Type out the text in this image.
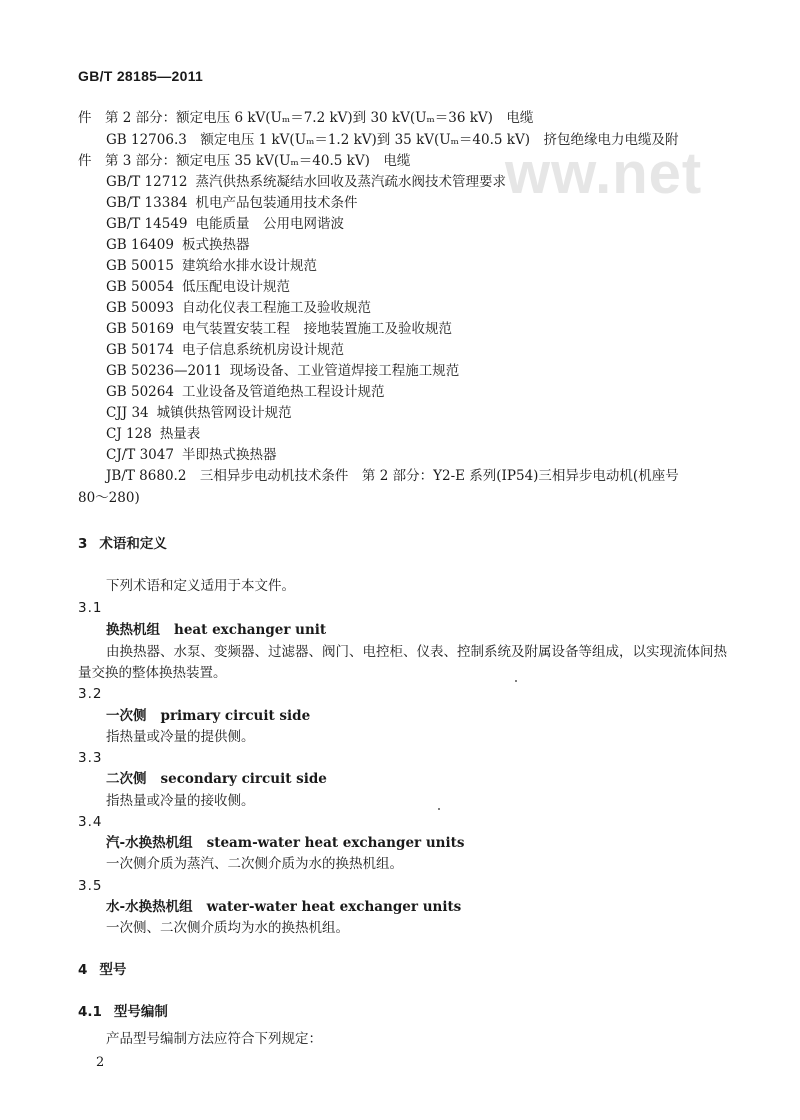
GB/T 28185—2011
ww.net
件　第 2 部分：额定电压 6 kV(Uₘ＝7.2 kV)到 30 kV(Uₘ＝36 kV)　电缆
GB 12706.3　额定电压 1 kV(Uₘ＝1.2 kV)到 35 kV(Uₘ＝40.5 kV)　挤包绝缘电力电缆及附
件　第 3 部分：额定电压 35 kV(Uₘ＝40.5 kV)　电缆
GB/T 12712 蒸汽供热系统凝结水回收及蒸汽疏水阀技术管理要求
GB/T 13384 机电产品包装通用技术条件
GB/T 14549 电能质量　公用电网谐波
GB 16409 板式换热器
GB 50015 建筑给水排水设计规范
GB 50054 低压配电设计规范
GB 50093 自动化仪表工程施工及验收规范
GB 50169 电气装置安装工程　接地装置施工及验收规范
GB 50174 电子信息系统机房设计规范
GB 50236—2011 现场设备、工业管道焊接工程施工规范
GB 50264 工业设备及管道绝热工程设计规范
CJJ 34 城镇供热管网设计规范
CJ 128 热量表
CJ/T 3047 半即热式换热器
JB/T 8680.2　三相异步电动机技术条件　第 2 部分：Y2-E 系列(IP54)三相异步电动机(机座号
80～280)
3 术语和定义
下列术语和定义适用于本文件。
3.1
换热机组 heat exchanger unit
由换热器、水泵、变频器、过滤器、阀门、电控柜、仪表、控制系统及附属设备等组成，以实现流体间热
量交换的整体换热装置。
3.2
一次侧 primary circuit side
指热量或冷量的提供侧。
3.3
二次侧 secondary circuit side
指热量或冷量的接收侧。
3.4
汽-水换热机组 steam-water heat exchanger units
一次侧介质为蒸汽、二次侧介质为水的换热机组。
3.5
水-水换热机组 water-water heat exchanger units
一次侧、二次侧介质均为水的换热机组。
4 型号
4.1 型号编制
产品型号编制方法应符合下列规定：
2
